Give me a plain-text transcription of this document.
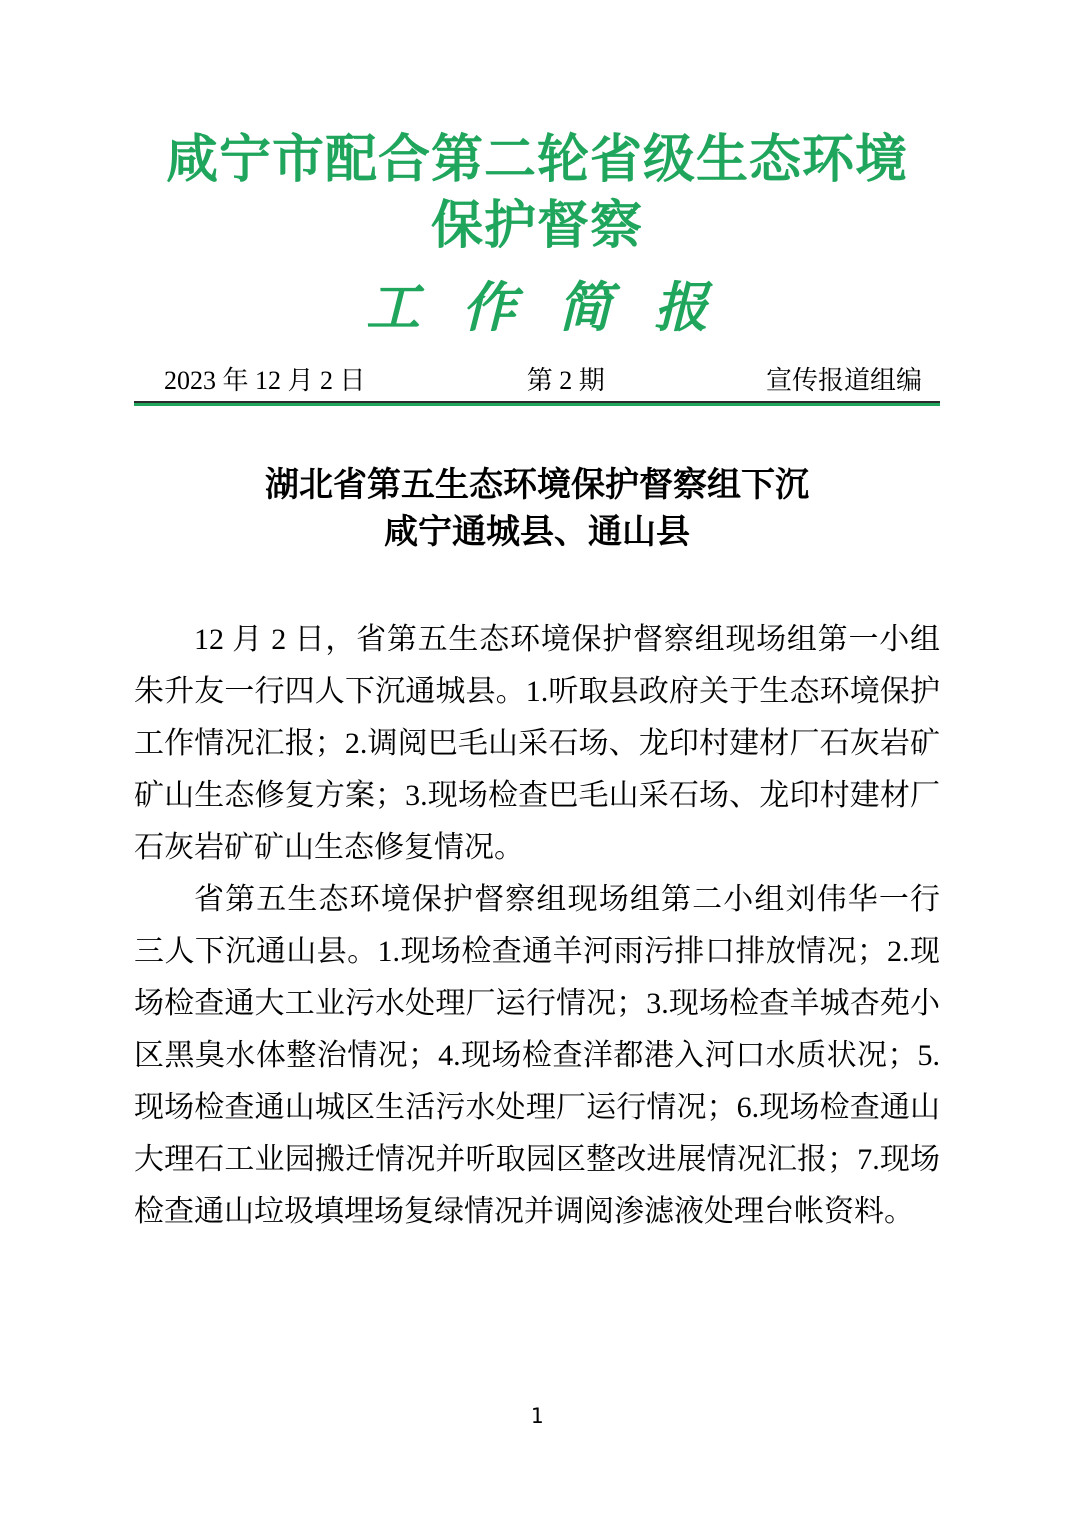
咸宁市配合第二轮省级生态环境
保护督察
工作简报
2023 年 12 月 2 日	第 2 期	宣传报道组编
湖北省第五生态环境保护督察组下沉
咸宁通城县、通山县

12 月 2 日，省第五生态环境保护督察组现场组第一小组朱升友一行四人下沉通城县。1.听取县政府关于生态环境保护工作情况汇报；2.调阅巴毛山采石场、龙印村建材厂石灰岩矿矿山生态修复方案；3.现场检查巴毛山采石场、龙印村建材厂石灰岩矿矿山生态修复情况。

省第五生态环境保护督察组现场组第二小组刘伟华一行三人下沉通山县。1.现场检查通羊河雨污排口排放情况；2.现场检查通大工业污水处理厂运行情况；3.现场检查羊城杏苑小区黑臭水体整治情况；4.现场检查洋都港入河口水质状况；5.现场检查通山城区生活污水处理厂运行情况；6.现场检查通山大理石工业园搬迁情况并听取园区整改进展情况汇报；7.现场检查通山垃圾填埋场复绿情况并调阅渗滤液处理台帐资料。

1
